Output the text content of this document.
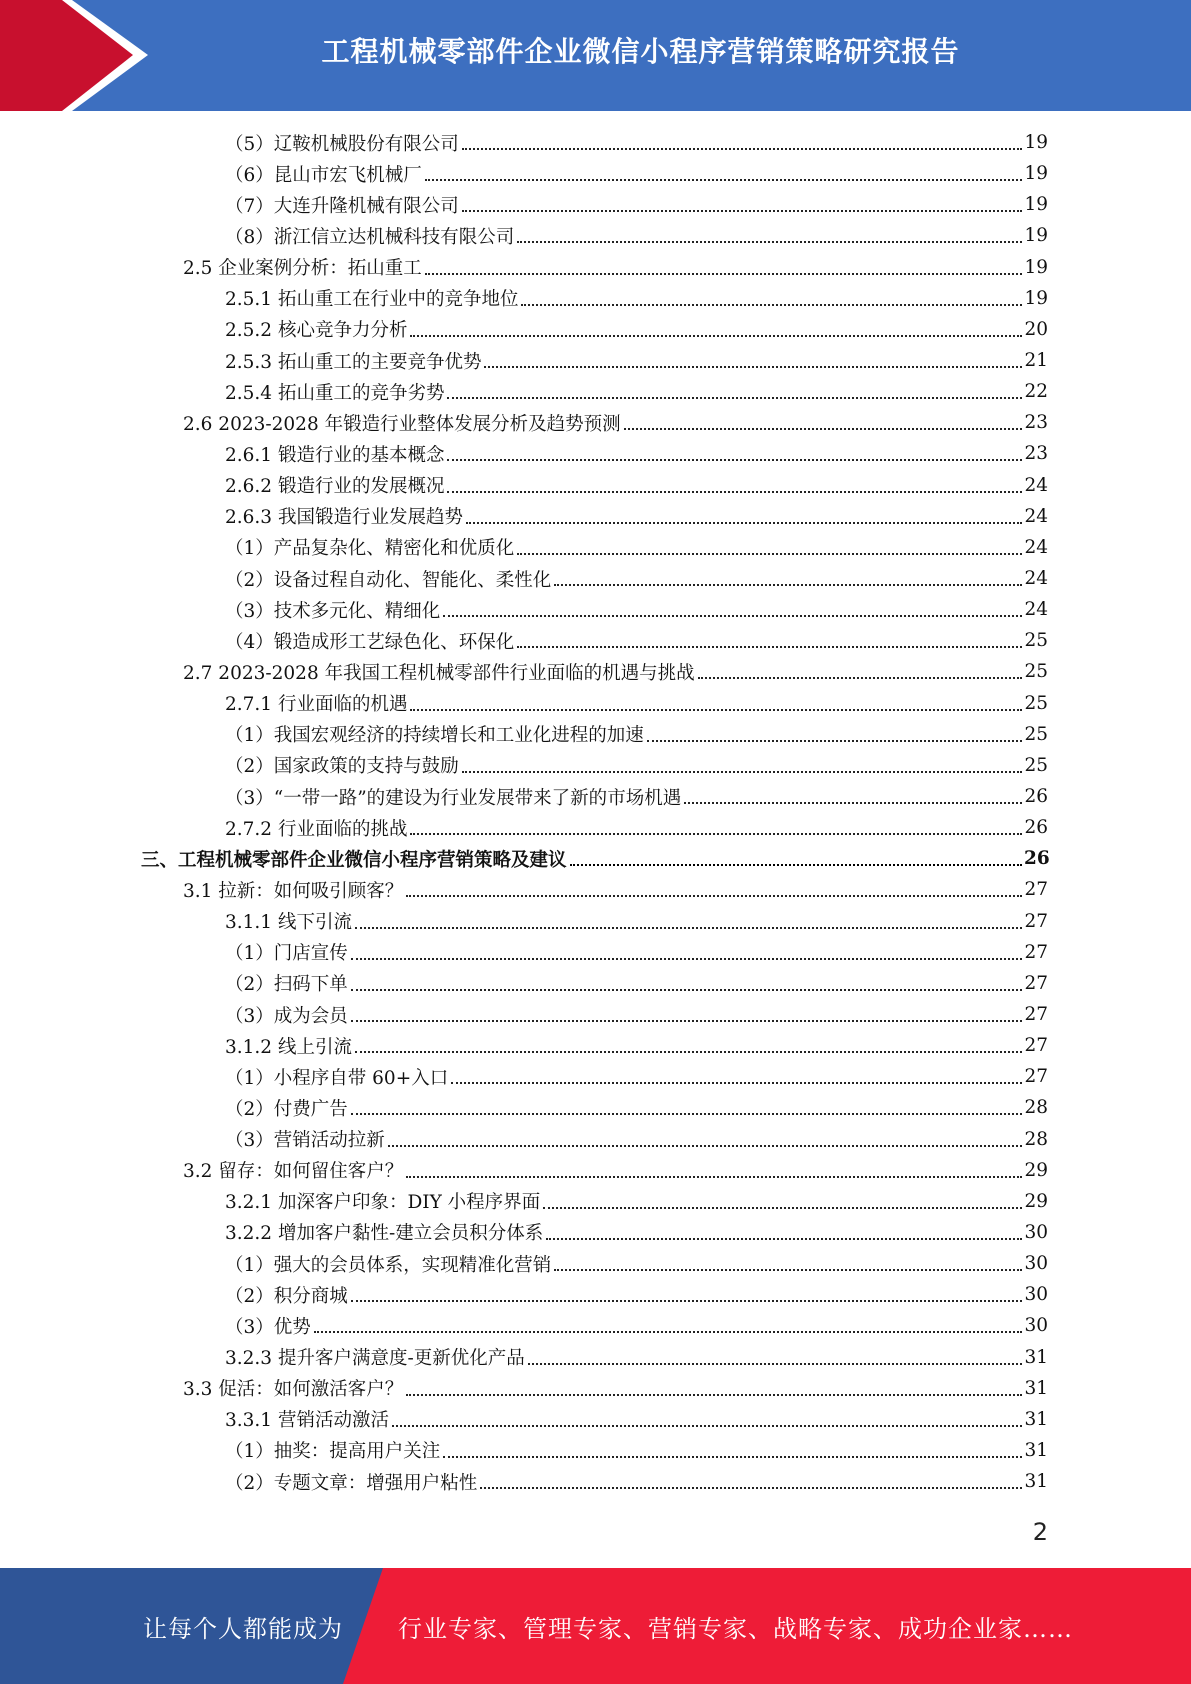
工程机械零部件企业微信小程序营销策略研究报告
（5）辽鞍机械股份有限公司	19
（6）昆山市宏飞机械厂	19
（7）大连升隆机械有限公司	19
（8）浙江信立达机械科技有限公司	19
2.5 企业案例分析：拓山重工	19
2.5.1 拓山重工在行业中的竞争地位	19
2.5.2 核心竞争力分析	20
2.5.3 拓山重工的主要竞争优势	21
2.5.4 拓山重工的竞争劣势	22
2.6 2023-2028 年锻造行业整体发展分析及趋势预测	23
2.6.1 锻造行业的基本概念	23
2.6.2 锻造行业的发展概况	24
2.6.3 我国锻造行业发展趋势	24
（1）产品复杂化、精密化和优质化	24
（2）设备过程自动化、智能化、柔性化	24
（3）技术多元化、精细化	24
（4）锻造成形工艺绿色化、环保化	25
2.7 2023-2028 年我国工程机械零部件行业面临的机遇与挑战	25
2.7.1 行业面临的机遇	25
（1）我国宏观经济的持续增长和工业化进程的加速	25
（2）国家政策的支持与鼓励	25
（3）“一带一路”的建设为行业发展带来了新的市场机遇	26
2.7.2 行业面临的挑战	26
三、工程机械零部件企业微信小程序营销策略及建议	26
3.1 拉新：如何吸引顾客？	27
3.1.1 线下引流	27
（1）门店宣传	27
（2）扫码下单	27
（3）成为会员	27
3.1.2 线上引流	27
（1）小程序自带 60+入口	27
（2）付费广告	28
（3）营销活动拉新	28
3.2 留存：如何留住客户？	29
3.2.1 加深客户印象：DIY 小程序界面	29
3.2.2 增加客户黏性-建立会员积分体系	30
（1）强大的会员体系，实现精准化营销	30
（2）积分商城	30
（3）优势	30
3.2.3 提升客户满意度-更新优化产品	31
3.3 促活：如何激活客户？	31
3.3.1 营销活动激活	31
（1）抽奖：提高用户关注	31
（2）专题文章：增强用户粘性	31
2
让每个人都能成为 行业专家、管理专家、营销专家、战略专家、成功企业家……
